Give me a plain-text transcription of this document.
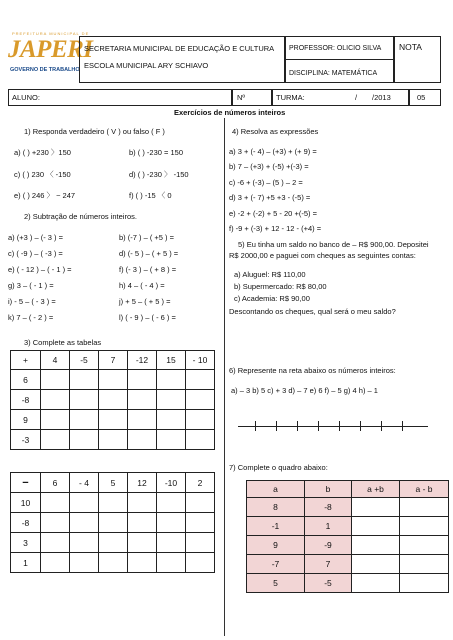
PREFEITURA MUNICIPAL DE
JAPERI
GOVERNO DE TRABALHO
SECRETARIA MUNICIPAL DE EDUCAÇÃO E CULTURA
ESCOLA MUNICIPAL ARY SCHIAVO
PROFESSOR: OLICIO SILVA
DISCIPLINA: MATEMÁTICA
NOTA
ALUNO:	Nº	TURMA:	/ /2013	05
Exercícios de números inteiros
1) Responda verdadeiro ( V ) ou falso ( F )
a) ( ) +230 〉150	b) ( ) -230 = 150
c) ( ) 230 〈 -150	d) ( ) -230 〉 -150
e) ( ) 246 〉 − 247	f) ( ) -15 〈 0
2) Subtração de números inteiros.
a) (+3 ) – (- 3 ) =	b) (-7 ) – ( +5 ) =
c) ( -9 ) – ( -3 ) =	d) (- 5 ) – ( + 5 ) =
e) ( - 12 ) – ( - 1 ) =	f) (- 3 ) – ( + 8 ) =
g) 3 – ( - 1 ) =	h) 4 – ( - 4 ) =
i) - 5 – ( - 3 ) =	j) + 5 – ( + 5 ) =
k) 7 – ( - 2 ) =	l) ( - 9 ) – ( - 6 ) =
3) Complete as tabelas
+	4	-5	7	-12	15	- 10
6						
-8						
9						
-3						
−	6	- 4	5	12	-10	2
10						
-8						
3						
1						
4) Resolva as expressões
a) 3 + (- 4) – (+3) + (+ 9) =
b) 7 – (+3) + (-5) +(-3) =
c) -6 + (-3) – (5 ) – 2 =
d) 3 + (- 7) +5 +3 - (-5) =
e) -2 + (-2) + 5 - 20 +(-5) =
f) -9 + (-3) + 12 - 12 - (+4) =
5) Eu tinha um saldo no banco de – R$ 900,00. Depositei
R$ 2000,00 e paguei com cheques as seguintes contas:
a) Aluguel: R$ 110,00
b) Supermercado: R$ 80,00
c) Academia: R$ 90,00
Descontando os cheques, qual será o meu saldo?
6) Represente na reta abaixo os números inteiros:
a) – 3 b) 5 c) + 3 d) – 7 e) 6 f) – 5 g) 4 h) – 1
7) Complete o quadro abaixo:
a	b	a +b	a - b
8	-8		
-1	1		
9	-9		
-7	7		
5	-5		
